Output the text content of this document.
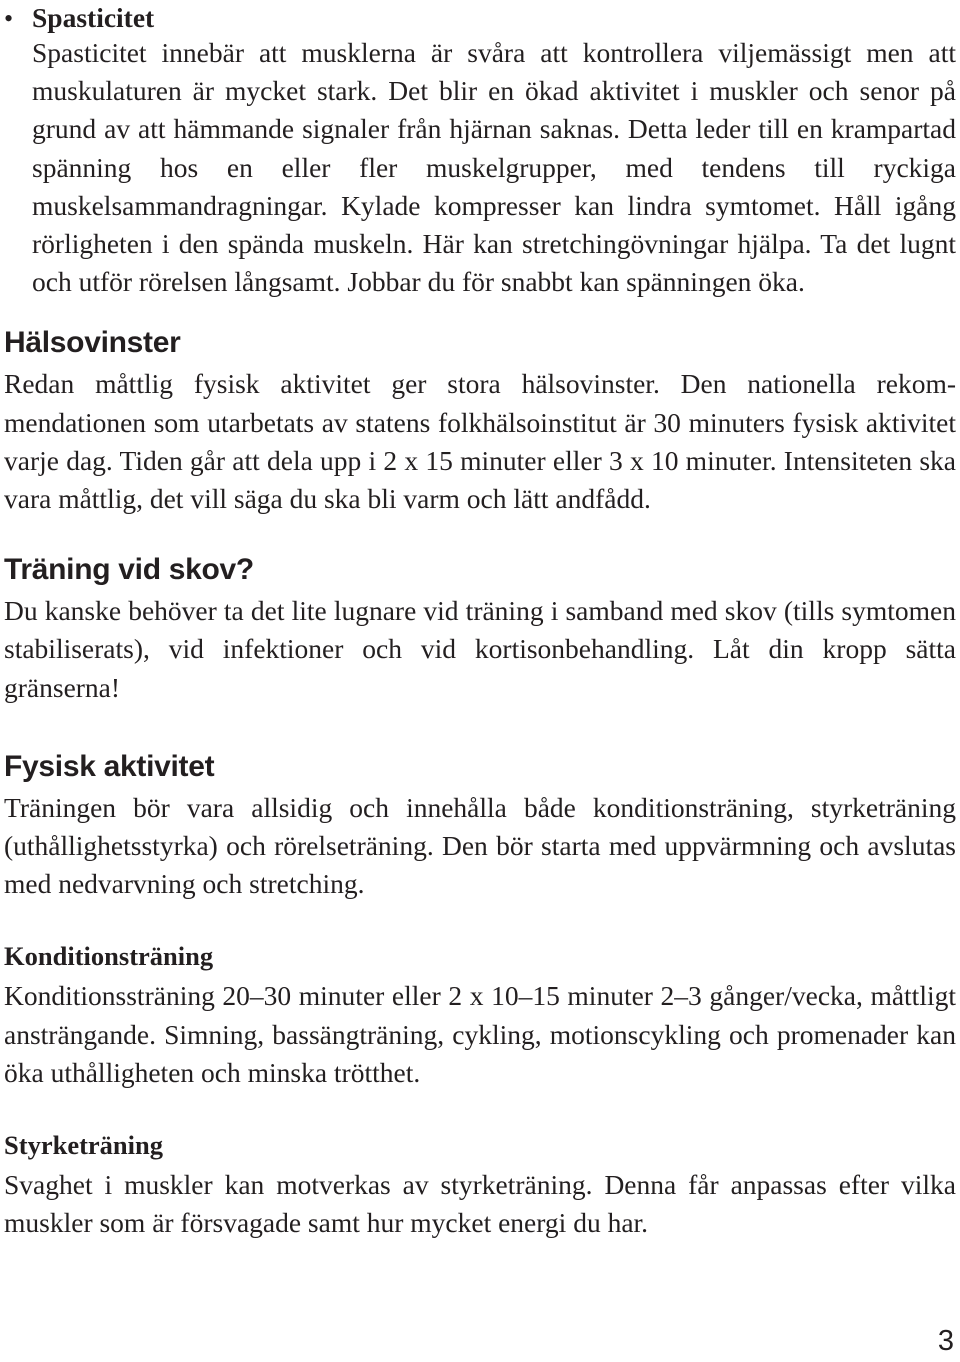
• Spasticitet

Spasticitet innebär att musklerna är svåra att kontrollera viljemässigt men att muskulaturen är mycket stark. Det blir en ökad aktivitet i muskler och senor på grund av att hämmande signaler från hjärnan saknas. Detta leder till en krampartad spänning hos en eller fler muskelgrupper, med tendens till ryckiga muskelsammandragningar. Kylade kompresser kan lindra symtomet. Håll igång rörligheten i den spända muskeln. Här kan stretchingövningar hjälpa. Ta det lugnt och utför rörelsen långsamt. Jobbar du för snabbt kan spänningen öka.

Hälsovinster

Redan måttlig fysisk aktivitet ger stora hälsovinster. Den nationella rekommendationen som utarbetats av statens folkhälsoinstitut är 30 minuters fysisk aktivitet varje dag. Tiden går att dela upp i 2 x 15 minuter eller 3 x 10 minuter. Intensiteten ska vara måttlig, det vill säga du ska bli varm och lätt andfådd.

Träning vid skov?

Du kanske behöver ta det lite lugnare vid träning i samband med skov (tills symtomen stabiliserats), vid infektioner och vid kortisonbehandling. Låt din kropp sätta gränserna!

Fysisk aktivitet

Träningen bör vara allsidig och innehålla både konditionsträning, styrketräning (uthållighetsstyrka) och rörelseträning. Den bör starta med uppvärmning och avslutas med nedvarvning och stretching.

Konditionsträning

Konditionssträning 20–30 minuter eller 2 x 10–15 minuter 2–3 gånger/vecka, måttligt ansträngande. Simning, bassängträning, cykling, motionscykling och promenader kan öka uthålligheten och minska trötthet.

Styrketräning

Svaghet i muskler kan motverkas av styrketräning. Denna får anpassas efter vilka muskler som är försvagade samt hur mycket energi du har.

3
